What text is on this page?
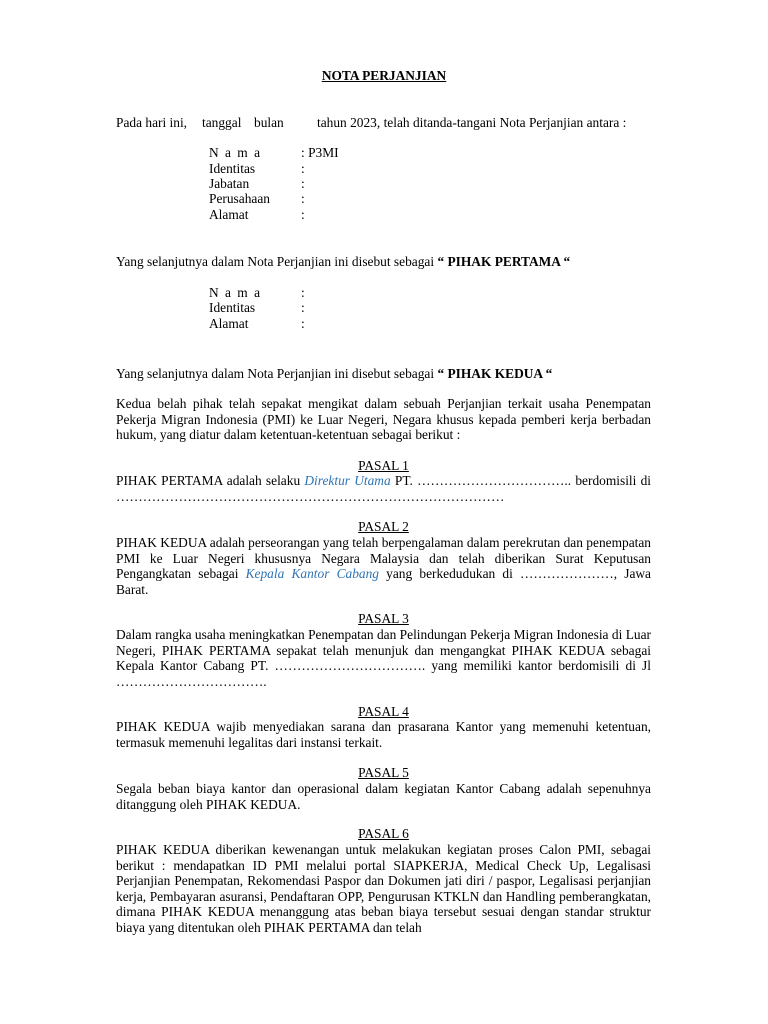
NOTA PERJANJIAN
Pada hari ini, tanggal bulan tahun 2023, telah ditanda-tangani Nota Perjanjian antara :
N a m a	: P3MI
Identitas	:
Jabatan	:
Perusahaan :
Alamat	:
Yang selanjutnya dalam Nota Perjanjian ini disebut sebagai “ PIHAK PERTAMA “
N a m a	:
Identitas	:
Alamat	:
Yang selanjutnya dalam Nota Perjanjian ini disebut sebagai “ PIHAK KEDUA “
Kedua belah pihak telah sepakat mengikat dalam sebuah Perjanjian terkait usaha Penempatan Pekerja Migran Indonesia (PMI) ke Luar Negeri, Negara khusus kepada pemberi kerja berbadan hukum, yang diatur dalam ketentuan-ketentuan sebagai berikut :
PASAL 1
PIHAK PERTAMA adalah selaku Direktur Utama PT. …………………………….. berdomisili di ……………………………………………………………………………
PASAL 2
PIHAK KEDUA adalah perseorangan yang telah berpengalaman dalam perekrutan dan penempatan PMI ke Luar Negeri khususnya Negara Malaysia dan telah diberikan Surat Keputusan Pengangkatan sebagai Kepala Kantor Cabang yang berkedudukan di …………………, Jawa Barat.
PASAL 3
Dalam rangka usaha meningkatkan Penempatan dan Pelindungan Pekerja Migran Indonesia di Luar Negeri, PIHAK PERTAMA sepakat telah menunjuk dan mengangkat PIHAK KEDUA sebagai Kepala Kantor Cabang PT. ……………………………. yang memiliki kantor berdomisili di Jl …………………………….
PASAL 4
PIHAK KEDUA wajib menyediakan sarana dan prasarana Kantor yang memenuhi ketentuan, termasuk memenuhi legalitas dari instansi terkait.
PASAL 5
Segala beban biaya kantor dan operasional dalam kegiatan Kantor Cabang adalah sepenuhnya ditanggung oleh PIHAK KEDUA.
PASAL 6
PIHAK KEDUA diberikan kewenangan untuk melakukan kegiatan proses Calon PMI, sebagai berikut : mendapatkan ID PMI melalui portal SIAPKERJA, Medical Check Up, Legalisasi Perjanjian Penempatan, Rekomendasi Paspor dan Dokumen jati diri / paspor, Legalisasi perjanjian kerja, Pembayaran asuransi, Pendaftaran OPP, Pengurusan KTKLN dan Handling pemberangkatan, dimana PIHAK KEDUA menanggung atas beban biaya tersebut sesuai dengan standar struktur biaya yang ditentukan oleh PIHAK PERTAMA dan telah
